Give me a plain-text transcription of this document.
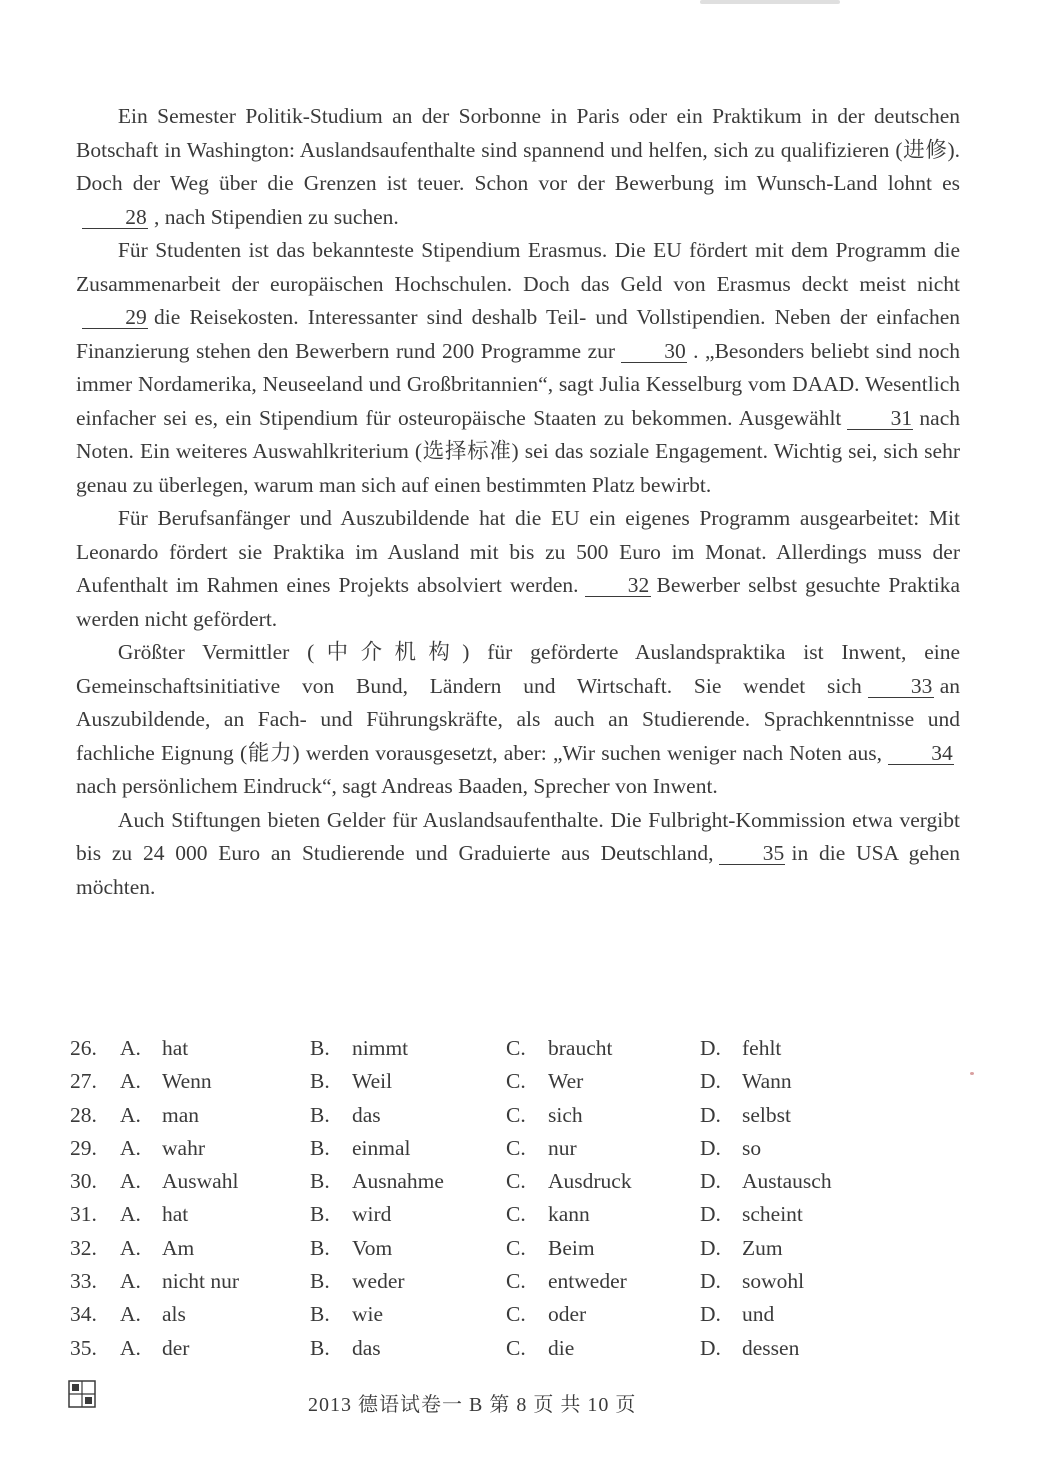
Ein Semester Politik-Studium an der Sorbonne in Paris oder ein Praktikum in der deutschen Botschaft in Washington: Auslandsaufenthalte sind spannend und helfen, sich zu qualifizieren (进修). Doch der Weg über die Grenzen ist teuer. Schon vor der Bewerbung im Wunsch-Land lohnt es28 , nach Stipendien zu suchen.

Für Studenten ist das bekannteste Stipendium Erasmus. Die EU fördert mit dem Programm die Zusammenarbeit der europäischen Hochschulen. Doch das Geld von Erasmus deckt meist nicht29 die Reisekosten. Interessanter sind deshalb Teil- und Vollstipendien. Neben der einfachen Finanzierung stehen den Bewerbern rund 200 Programme zur 30 . „Besonders beliebt sind noch immer Nordamerika, Neuseeland und Großbritannien“, sagt Julia Kesselburg vom DAAD. Wesentlich einfacher sei es, ein Stipendium für osteuropäische Staaten zu bekommen. Ausgewählt 31 nach Noten. Ein weiteres Auswahlkriterium (选择标准) sei das soziale Engagement. Wichtig sei, sich sehr genau zu überlegen, warum man sich auf einen bestimmten Platz bewirbt.

Für Berufsanfänger und Auszubildende hat die EU ein eigenes Programm ausgearbeitet: Mit Leonardo fördert sie Praktika im Ausland mit bis zu 500 Euro im Monat. Allerdings muss der Aufenthalt im Rahmen eines Projekts absolviert werden. 32 Bewerber selbst gesuchte Praktika werden nicht gefördert.

Größter Vermittler (中介机构) für geförderte Auslandspraktika ist Inwent, eine Gemeinschaftsinitiative von Bund, Ländern und Wirtschaft. Sie wendet sich 33 an Auszubildende, an Fach- und Führungskräfte, als auch an Studierende. Sprachkenntnisse und fachliche Eignung (能力) werden vorausgesetzt, aber: „Wir suchen weniger nach Noten aus, 34nach persönlichem Eindruck“, sagt Andreas Baaden, Sprecher von Inwent.

Auch Stiftungen bieten Gelder für Auslandsaufenthalte. Die Fulbright-Kommission etwa vergibt bis zu 24 000 Euro an Studierende und Graduierte aus Deutschland, 35 in die USA gehen möchten.

26. A. hat	B. nimmt	C. braucht	D. fehlt
27. A. Wenn	B. Weil	C. Wer	D. Wann
28. A. man	B. das	C. sich	D. selbst
29. A. wahr	B. einmal	C. nur	D. so
30. A. Auswahl	B. Ausnahme	C. Ausdruck	D. Austausch
31. A. hat	B. wird	C. kann	D. scheint
32. A. Am	B. Vom	C. Beim	D. Zum
33. A. nicht nur	B. weder	C. entweder	D. sowohl
34. A. als	B. wie	C. oder	D. und
35. A. der	B. das	C. die	D. dessen
2013 德语试卷一 B 第 8 页 共 10 页
